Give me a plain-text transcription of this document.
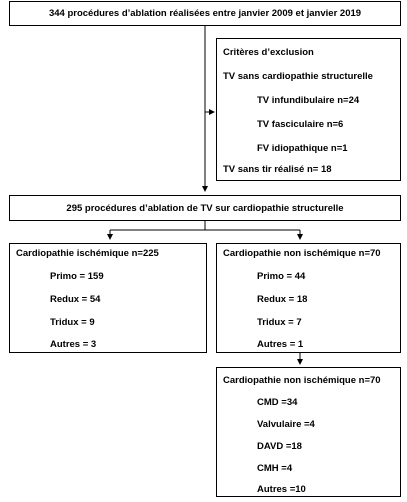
344 procédures d’ablation réalisées entre janvier 2009 et janvier 2019
Critères d’exclusion
TV sans cardiopathie structurelle
TV infundibulaire n=24
TV fasciculaire n=6
FV idiopathique n=1
TV sans tir réalisé n= 18
295 procédures d’ablation de TV sur cardiopathie structurelle
Cardiopathie ischémique n=225
Primo = 159
Redux = 54
Tridux = 9
Autres = 3
Cardiopathie non ischémique n=70
Primo = 44
Redux = 18
Tridux = 7
Autres = 1
Cardiopathie non ischémique n=70
CMD =34
Valvulaire =4
DAVD =18
CMH =4
Autres =10
